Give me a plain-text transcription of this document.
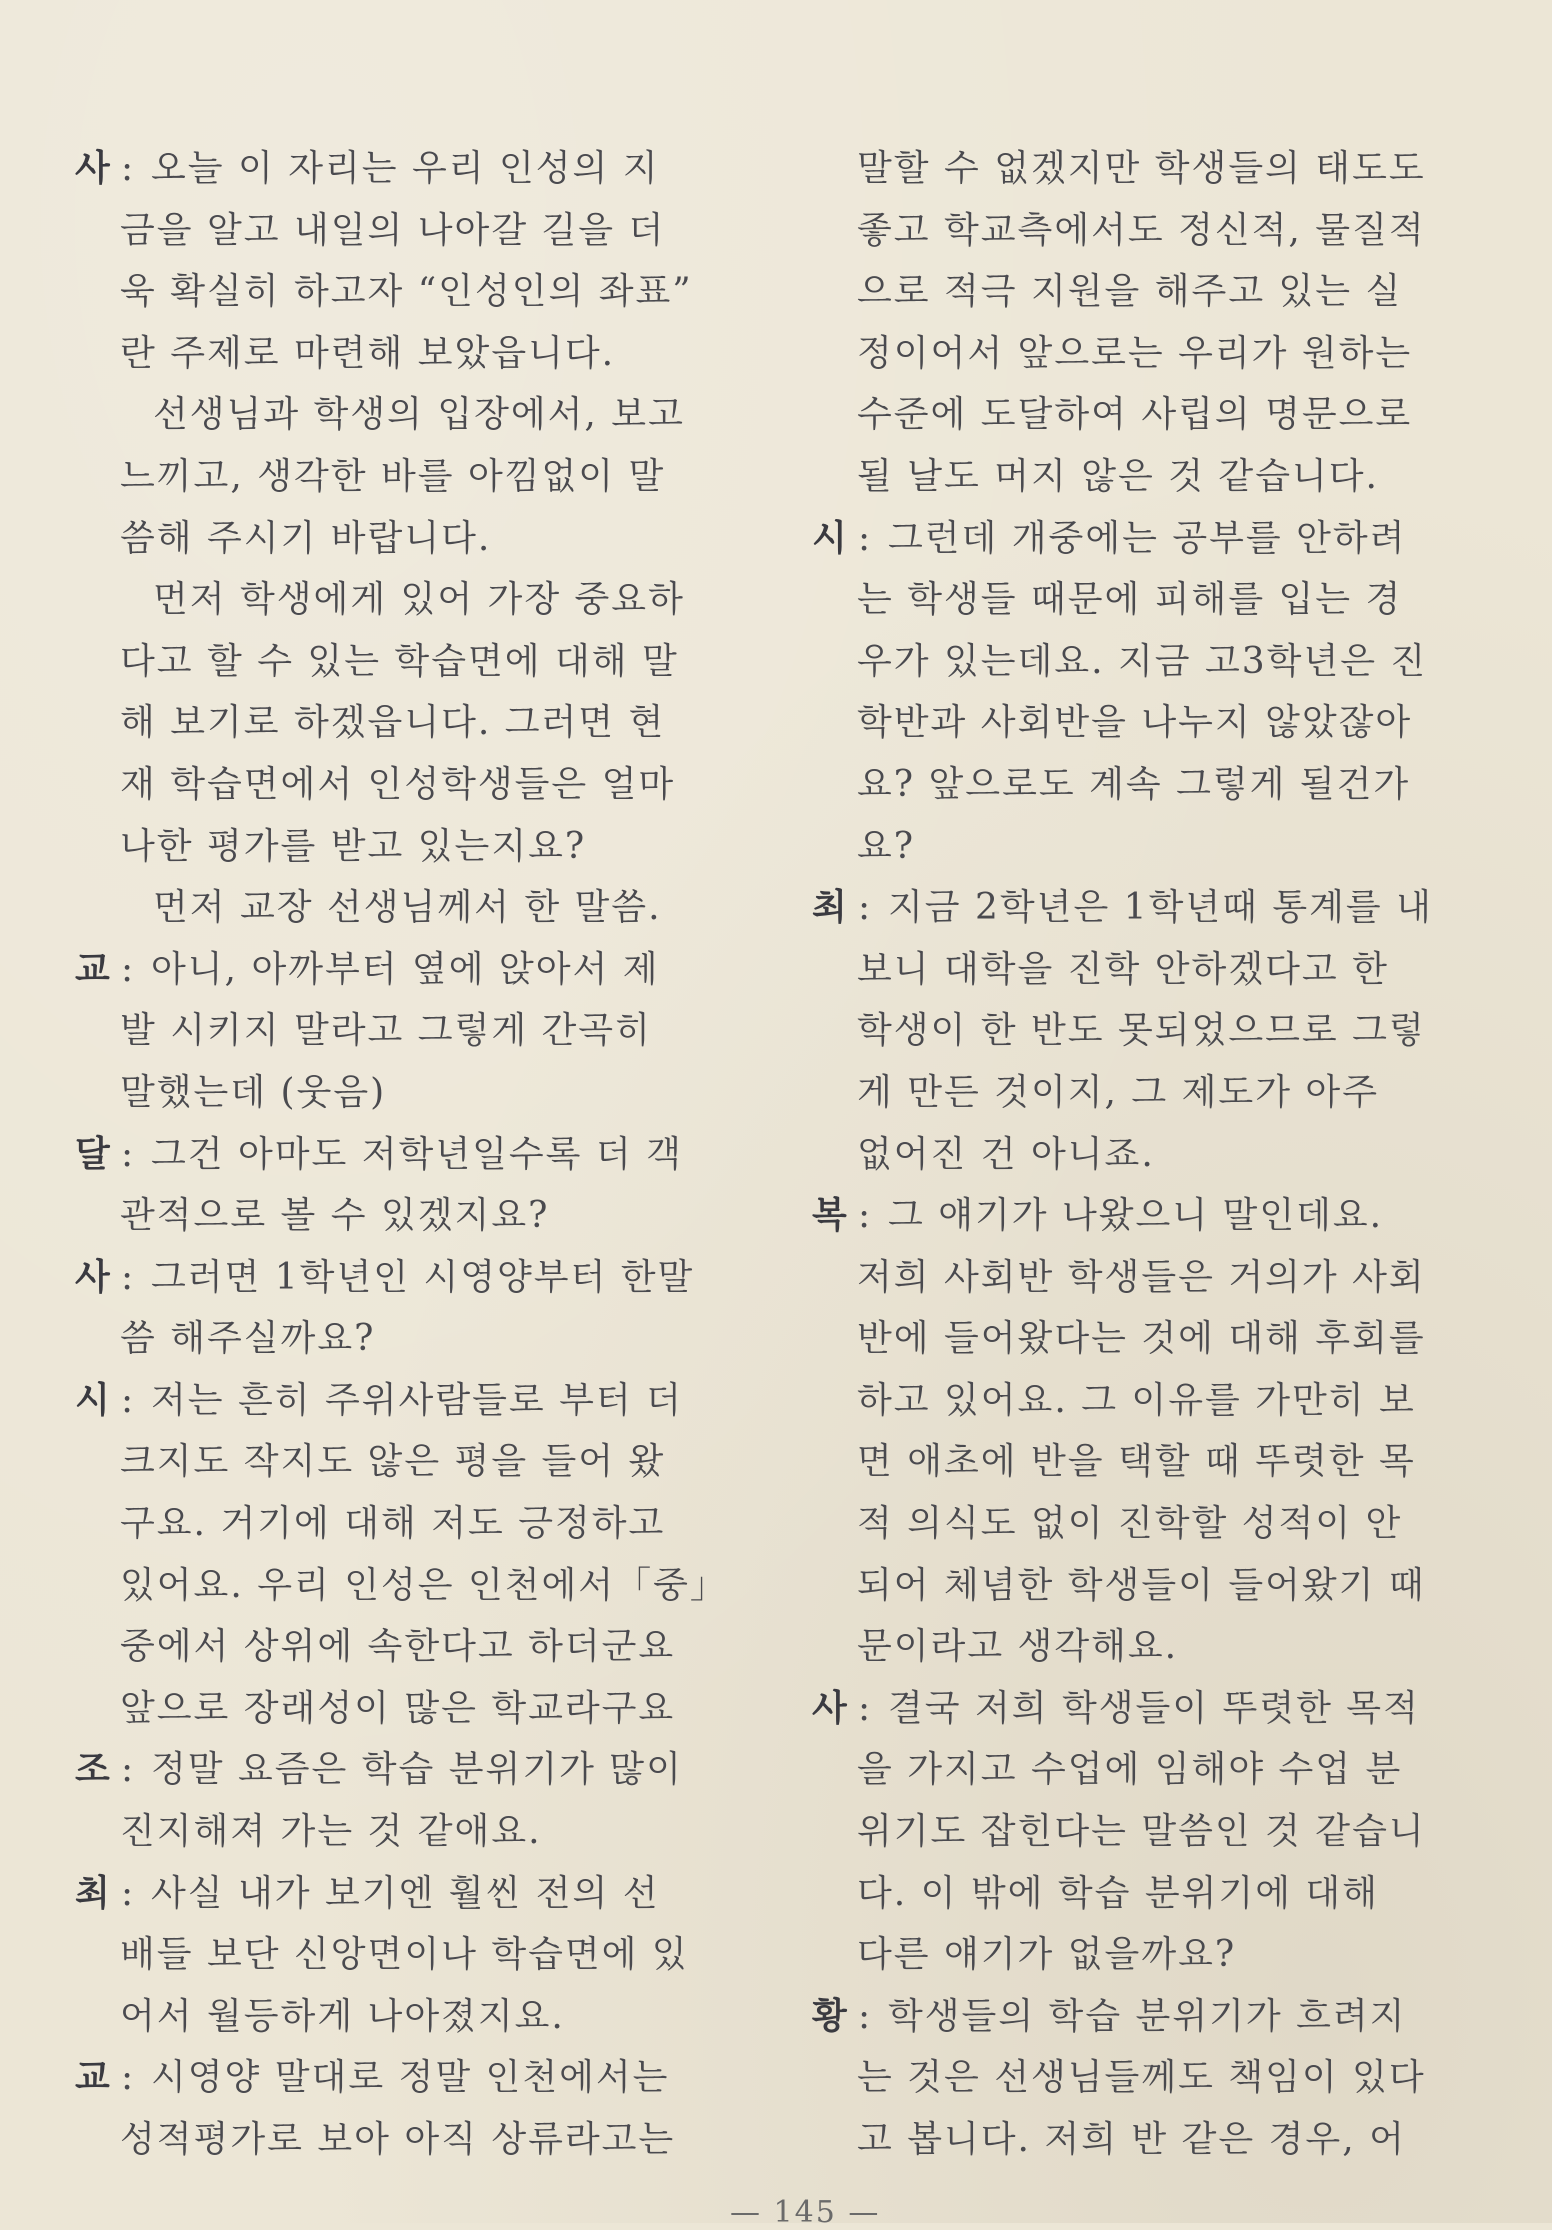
사 : 오늘 이 자리는 우리 인성의 지
금을 알고 내일의 나아갈 길을 더
욱 확실히 하고자 “인성인의 좌표”
란 주제로 마련해 보았읍니다.
선생님과 학생의 입장에서, 보고
느끼고, 생각한 바를 아낌없이 말
씀해 주시기 바랍니다.
먼저 학생에게 있어 가장 중요하
다고 할 수 있는 학습면에 대해 말
해 보기로 하겠읍니다. 그러면 현
재 학습면에서 인성학생들은 얼마
나한 평가를 받고 있는지요?
먼저 교장 선생님께서 한 말씀.
교 : 아니, 아까부터 옆에 앉아서 제
발 시키지 말라고 그렇게 간곡히
말했는데 (웃음)
달 : 그건 아마도 저학년일수록 더 객
관적으로 볼 수 있겠지요?
사 : 그러면 1학년인 시영양부터 한말
씀 해주실까요?
시 : 저는 흔히 주위사람들로 부터 더
크지도 작지도 않은 평을 들어 왔
구요. 거기에 대해 저도 긍정하고
있어요. 우리 인성은 인천에서「중」
중에서 상위에 속한다고 하더군요
앞으로 장래성이 많은 학교라구요
조 : 정말 요즘은 학습 분위기가 많이
진지해져 가는 것 같애요.
최 : 사실 내가 보기엔 훨씬 전의 선
배들 보단 신앙면이나 학습면에 있
어서 월등하게 나아졌지요.
교 : 시영양 말대로 정말 인천에서는
성적평가로 보아 아직 상류라고는
말할 수 없겠지만 학생들의 태도도
좋고 학교측에서도 정신적, 물질적
으로 적극 지원을 해주고 있는 실
정이어서 앞으로는 우리가 원하는
수준에 도달하여 사립의 명문으로
될 날도 머지 않은 것 같습니다.
시 : 그런데 개중에는 공부를 안하려
는 학생들 때문에 피해를 입는 경
우가 있는데요. 지금 고3학년은 진
학반과 사회반을 나누지 않았잖아
요? 앞으로도 계속 그렇게 될건가
요?
최 : 지금 2학년은 1학년때 통계를 내
보니 대학을 진학 안하겠다고 한
학생이 한 반도 못되었으므로 그렇
게 만든 것이지, 그 제도가 아주
없어진 건 아니죠.
복 : 그 얘기가 나왔으니 말인데요.
저희 사회반 학생들은 거의가 사회
반에 들어왔다는 것에 대해 후회를
하고 있어요. 그 이유를 가만히 보
면 애초에 반을 택할 때 뚜렷한 목
적 의식도 없이 진학할 성적이 안
되어 체념한 학생들이 들어왔기 때
문이라고 생각해요.
사 : 결국 저희 학생들이 뚜렷한 목적
을 가지고 수업에 임해야 수업 분
위기도 잡힌다는 말씀인 것 같습니
다. 이 밖에 학습 분위기에 대해
다른 얘기가 없을까요?
황 : 학생들의 학습 분위기가 흐려지
는 것은 선생님들께도 책임이 있다
고 봅니다. 저희 반 같은 경우, 어
— 145 —
